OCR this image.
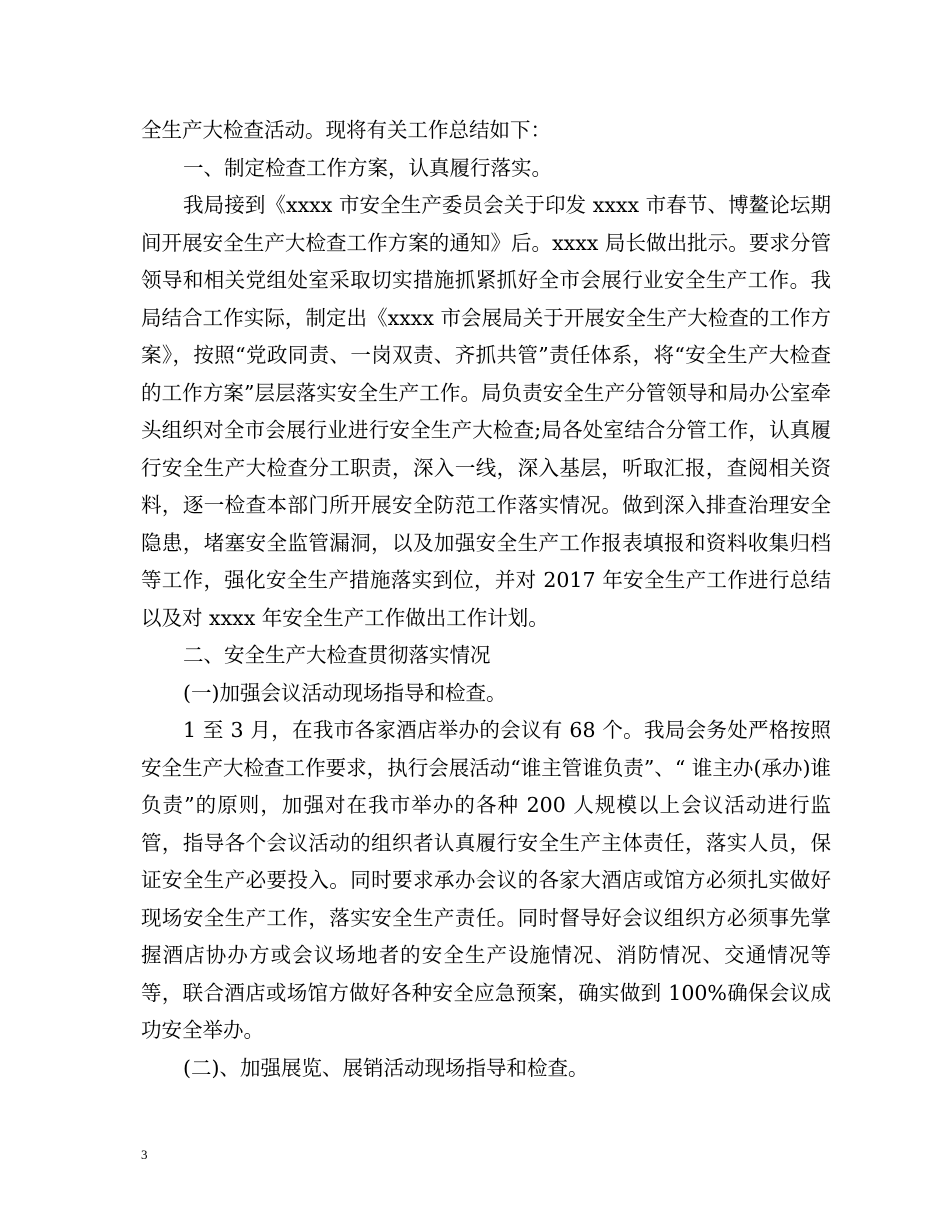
全生产大检查活动。现将有关工作总结如下：

一、制定检查工作方案，认真履行落实。

我局接到《xxxx 市安全生产委员会关于印发 xxxx 市春节、博鳌论坛期间开展安全生产大检查工作方案的通知》后。xxxx 局长做出批示。要求分管领导和相关党组处室采取切实措施抓紧抓好全市会展行业安全生产工作。我局结合工作实际，制定出《xxxx 市会展局关于开展安全生产大检查的工作方案》，按照“党政同责、一岗双责、齐抓共管”责任体系，将“安全生产大检查的工作方案”层层落实安全生产工作。局负责安全生产分管领导和局办公室牵头组织对全市会展行业进行安全生产大检查;局各处室结合分管工作，认真履行安全生产大检查分工职责，深入一线，深入基层，听取汇报，查阅相关资料，逐一检查本部门所开展安全防范工作落实情况。做到深入排查治理安全隐患，堵塞安全监管漏洞，以及加强安全生产工作报表填报和资料收集归档等工作，强化安全生产措施落实到位，并对 2017 年安全生产工作进行总结以及对 xxxx 年安全生产工作做出工作计划。

二、安全生产大检查贯彻落实情况

(一)加强会议活动现场指导和检查。

1 至 3 月，在我市各家酒店举办的会议有 68 个。我局会务处严格按照安全生产大检查工作要求，执行会展活动“谁主管谁负责”、“ 谁主办(承办)谁负责”的原则，加强对在我市举办的各种 200 人规模以上会议活动进行监管，指导各个会议活动的组织者认真履行安全生产主体责任，落实人员，保证安全生产必要投入。同时要求承办会议的各家大酒店或馆方必须扎实做好现场安全生产工作，落实安全生产责任。同时督导好会议组织方必须事先掌握酒店协办方或会议场地者的安全生产设施情况、消防情况、交通情况等等，联合酒店或场馆方做好各种安全应急预案，确实做到 100%确保会议成功安全举办。

(二)、加强展览、展销活动现场指导和检查。

3
